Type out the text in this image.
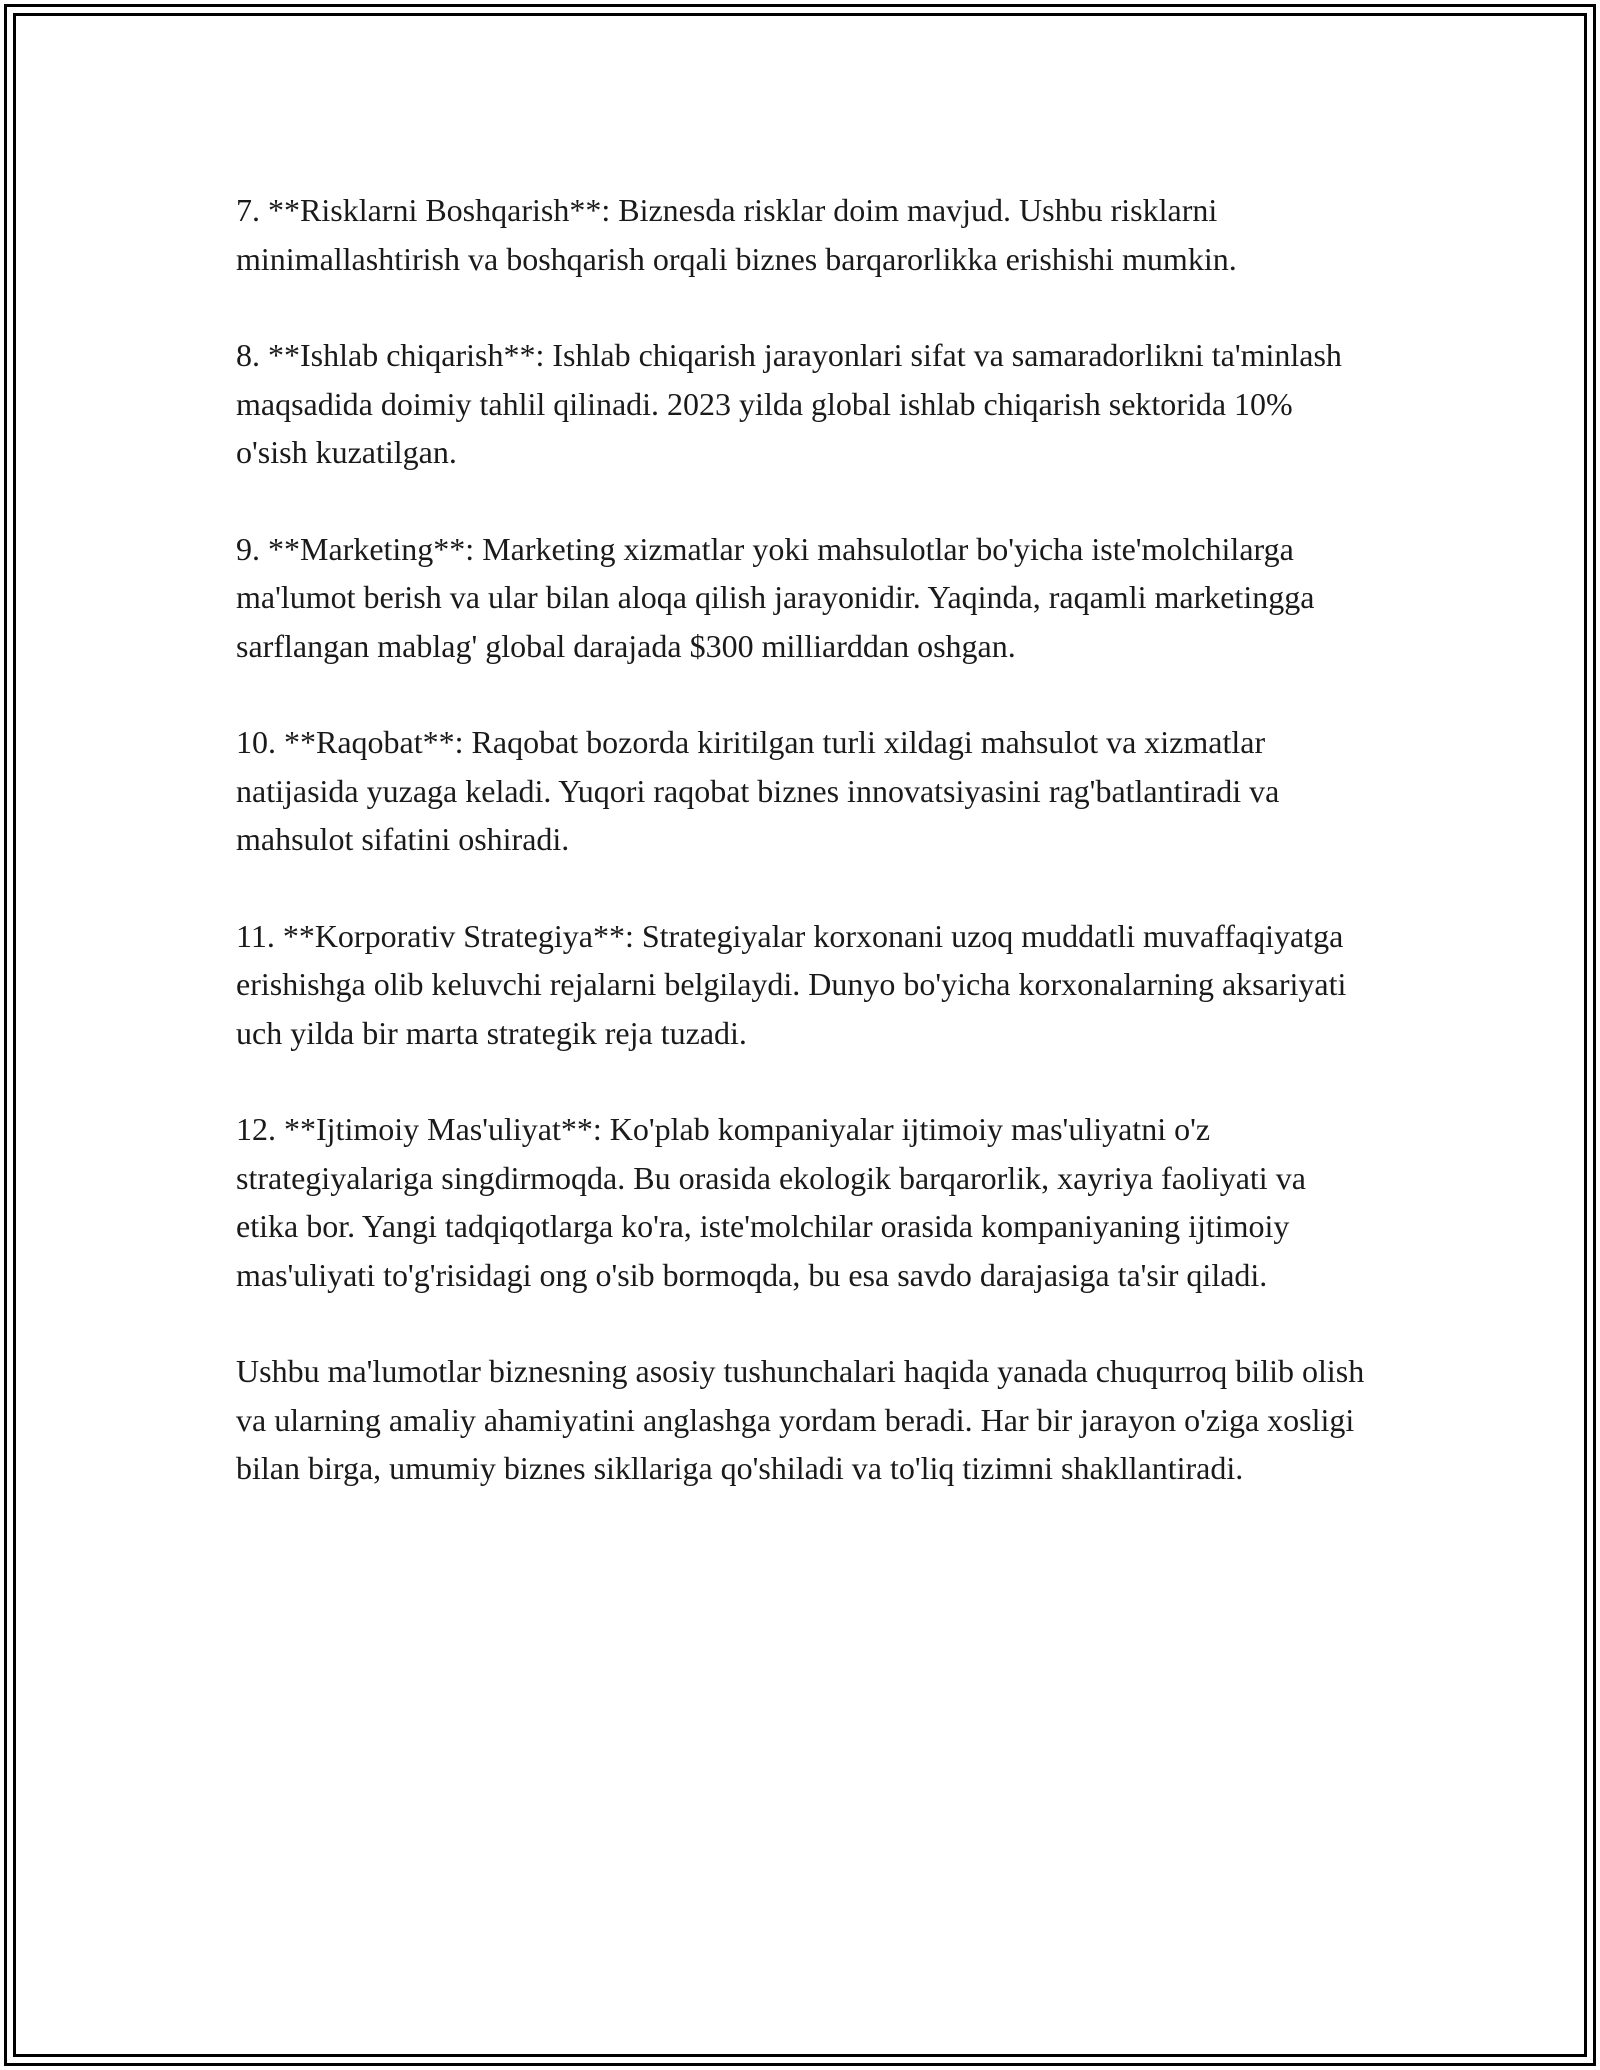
7. **Risklarni Boshqarish**: Biznesda risklar doim mavjud. Ushbu risklarni minimallashtirish va boshqarish orqali biznes barqarorlikka erishishi mumkin.

8. **Ishlab chiqarish**: Ishlab chiqarish jarayonlari sifat va samaradorlikni ta'minlash maqsadida doimiy tahlil qilinadi. 2023 yilda global ishlab chiqarish sektorida 10% o'sish kuzatilgan.

9. **Marketing**: Marketing xizmatlar yoki mahsulotlar bo'yicha iste'molchilarga ma'lumot berish va ular bilan aloqa qilish jarayonidir. Yaqinda, raqamli marketingga sarflangan mablag' global darajada $300 milliarddan oshgan.

10. **Raqobat**: Raqobat bozorda kiritilgan turli xildagi mahsulot va xizmatlar natijasida yuzaga keladi. Yuqori raqobat biznes innovatsiyasini rag'batlantiradi va mahsulot sifatini oshiradi.

11. **Korporativ Strategiya**: Strategiyalar korxonani uzoq muddatli muvaffaqiyatga erishishga olib keluvchi rejalarni belgilaydi. Dunyo bo'yicha korxonalarning aksariyati uch yilda bir marta strategik reja tuzadi.

12. **Ijtimoiy Mas'uliyat**: Ko'plab kompaniyalar ijtimoiy mas'uliyatni o'z strategiyalariga singdirmoqda. Bu orasida ekologik barqarorlik, xayriya faoliyati va etika bor. Yangi tadqiqotlarga ko'ra, iste'molchilar orasida kompaniyaning ijtimoiy mas'uliyati to'g'risidagi ong o'sib bormoqda, bu esa savdo darajasiga ta'sir qiladi.

Ushbu ma'lumotlar biznesning asosiy tushunchalari haqida yanada chuqurroq bilib olish va ularning amaliy ahamiyatini anglashga yordam beradi. Har bir jarayon o'ziga xosligi bilan birga, umumiy biznes sikllariga qo'shiladi va to'liq tizimni shakllantiradi.
